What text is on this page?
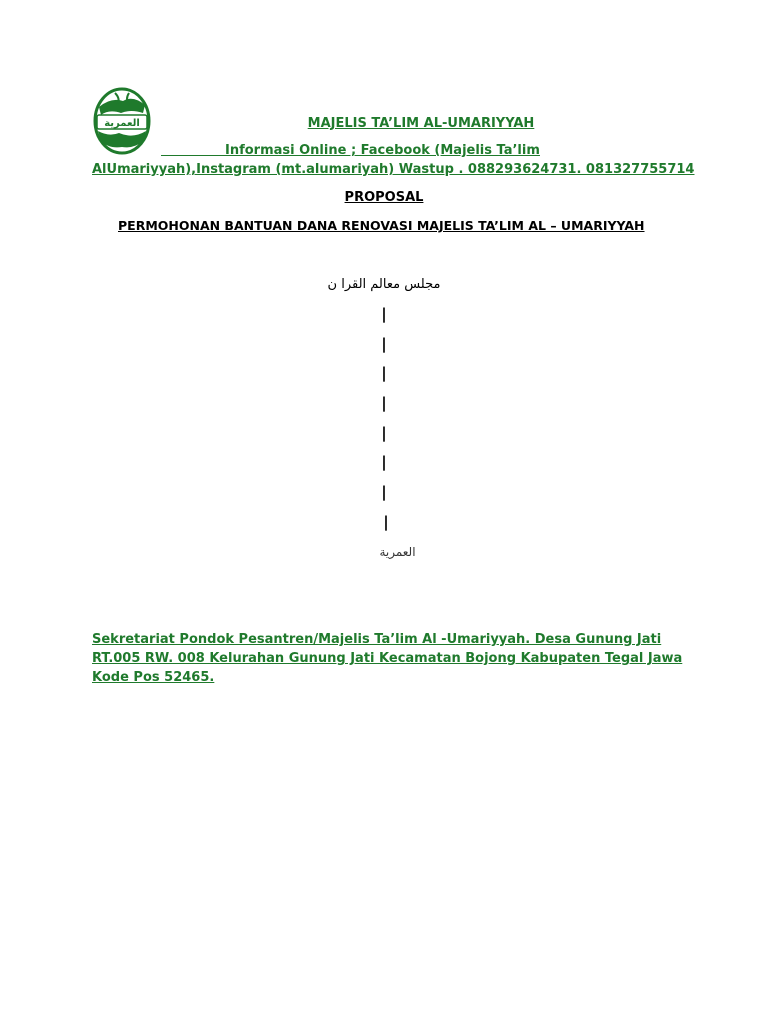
العمرية	MAJELIS TA’LIM AL-UMARIYYAH
Informasi Online ; Facebook (Majelis Ta’lim
AlUmariyyah),Instagram (mt.alumariyah) Wastup . 088293624731. 081327755714
PROPOSAL
PERMOHONAN BANTUAN DANA RENOVASI MAJELIS TA’LIM AL – UMARIYYAH
مجلس معالم القرا ن
|
|
|
|
|
|
|
|
العمرية
Sekretariat Pondok Pesantren/Majelis Ta’lim Al -Umariyyah. Desa Gunung Jati
RT.005 RW. 008 Kelurahan Gunung Jati Kecamatan Bojong Kabupaten Tegal Jawa
Kode Pos 52465.
